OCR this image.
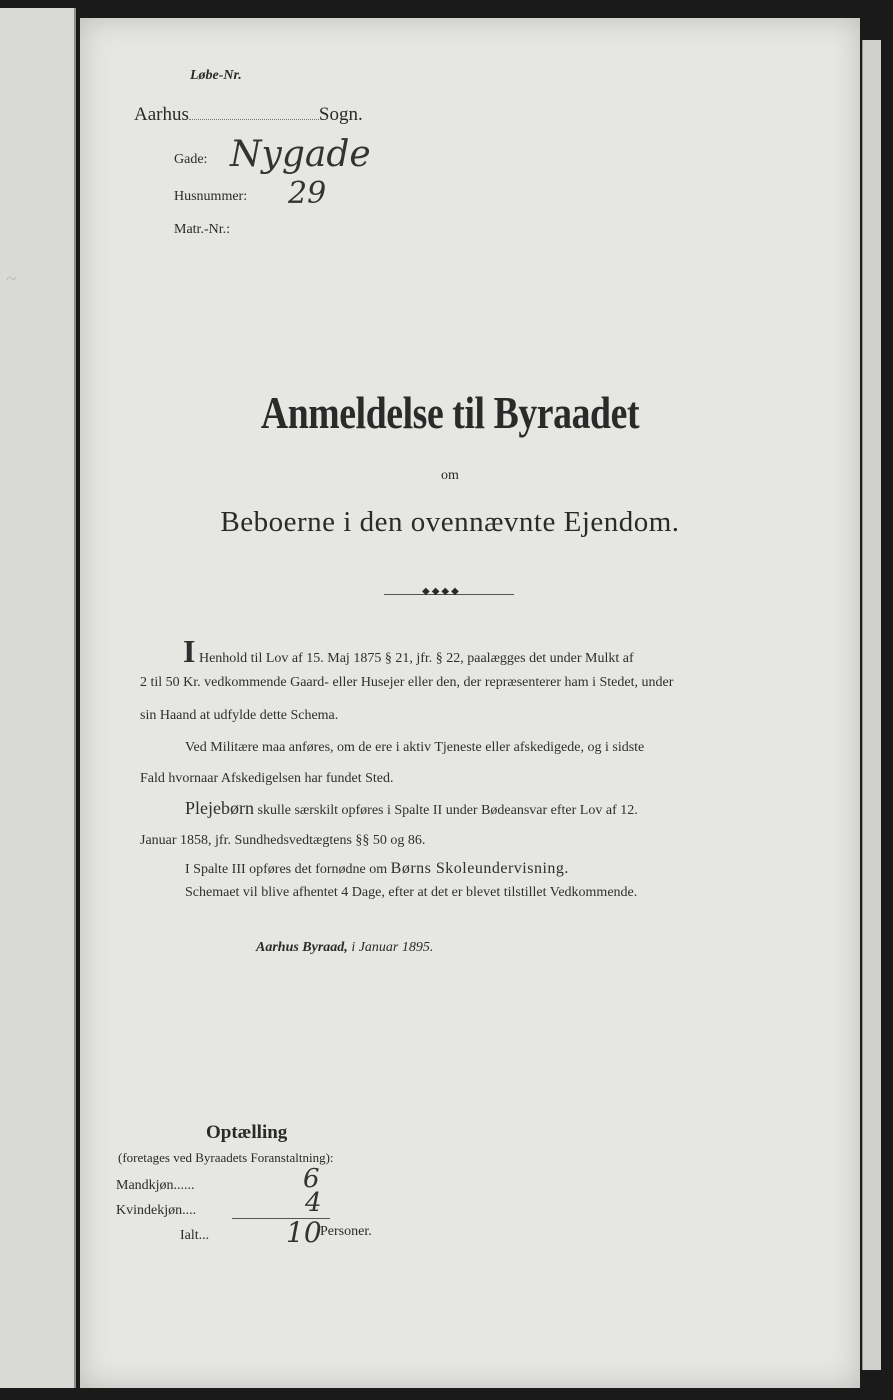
~
Løbe-Nr.
Aarhus	Sogn.
Gade: Nygade
Husnummer: 29
Matr.-Nr.:
Anmeldelse til Byraadet
om
Beboerne i den ovennævnte Ejendom.
◆◆◆◆
I Henhold til Lov af 15. Maj 1875 § 21, jfr. § 22, paalægges det under Mulkt af
2 til 50 Kr. vedkommende Gaard- eller Husejer eller den, der repræsenterer ham i Stedet, under
sin Haand at udfylde dette Schema.
Ved Militære maa anføres, om de ere i aktiv Tjeneste eller afskedigede, og i sidste
Fald hvornaar Afskedigelsen har fundet Sted.
Plejebørn skulle særskilt opføres i Spalte II under Bødeansvar efter Lov af 12.
Januar 1858, jfr. Sundhedsvedtægtens §§ 50 og 86.
I Spalte III opføres det fornødne om Børns Skoleundervisning.
Schemaet vil blive afhentet 4 Dage, efter at det er blevet tilstillet Vedkommende.
Aarhus Byraad, i Januar 1895.
Optælling
(foretages ved Byraadets Foranstaltning):
Mandkjøn......	6
Kvindekjøn....	4
Ialt...	10
Personer.
